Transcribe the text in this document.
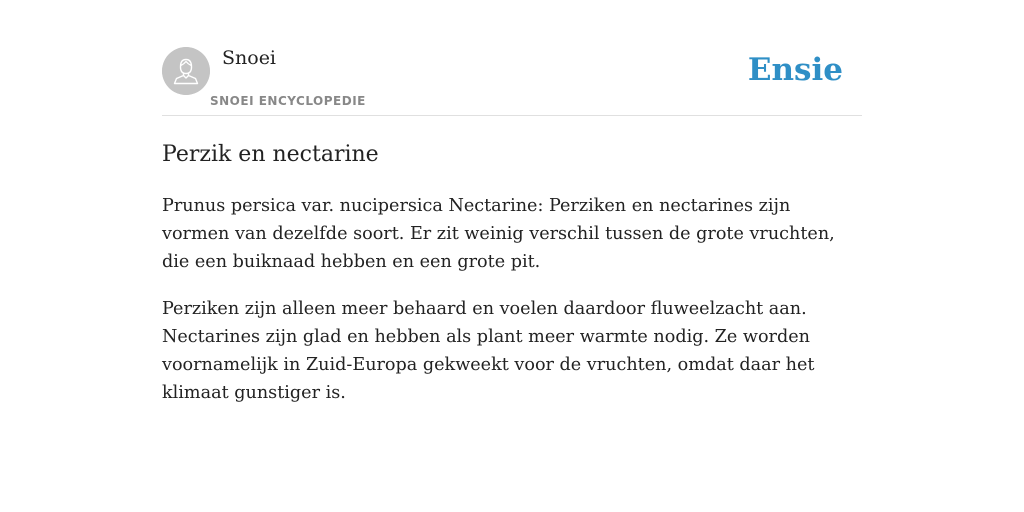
Snoei
SNOEI ENCYCLOPEDIE
Ensie
Perzik en nectarine

Prunus persica var. nucipersica Nectarine: Perziken en nectarines zijn vormen van dezelfde soort. Er zit weinig verschil tussen de grote vruchten, die een buiknaad hebben en een grote pit.

Perziken zijn alleen meer behaard en voelen daardoor fluweelzacht aan. Nectarines zijn glad en hebben als plant meer warmte nodig. Ze worden voornamelijk in Zuid-Europa gekweekt voor de vruchten, omdat daar het klimaat gunstiger is.
